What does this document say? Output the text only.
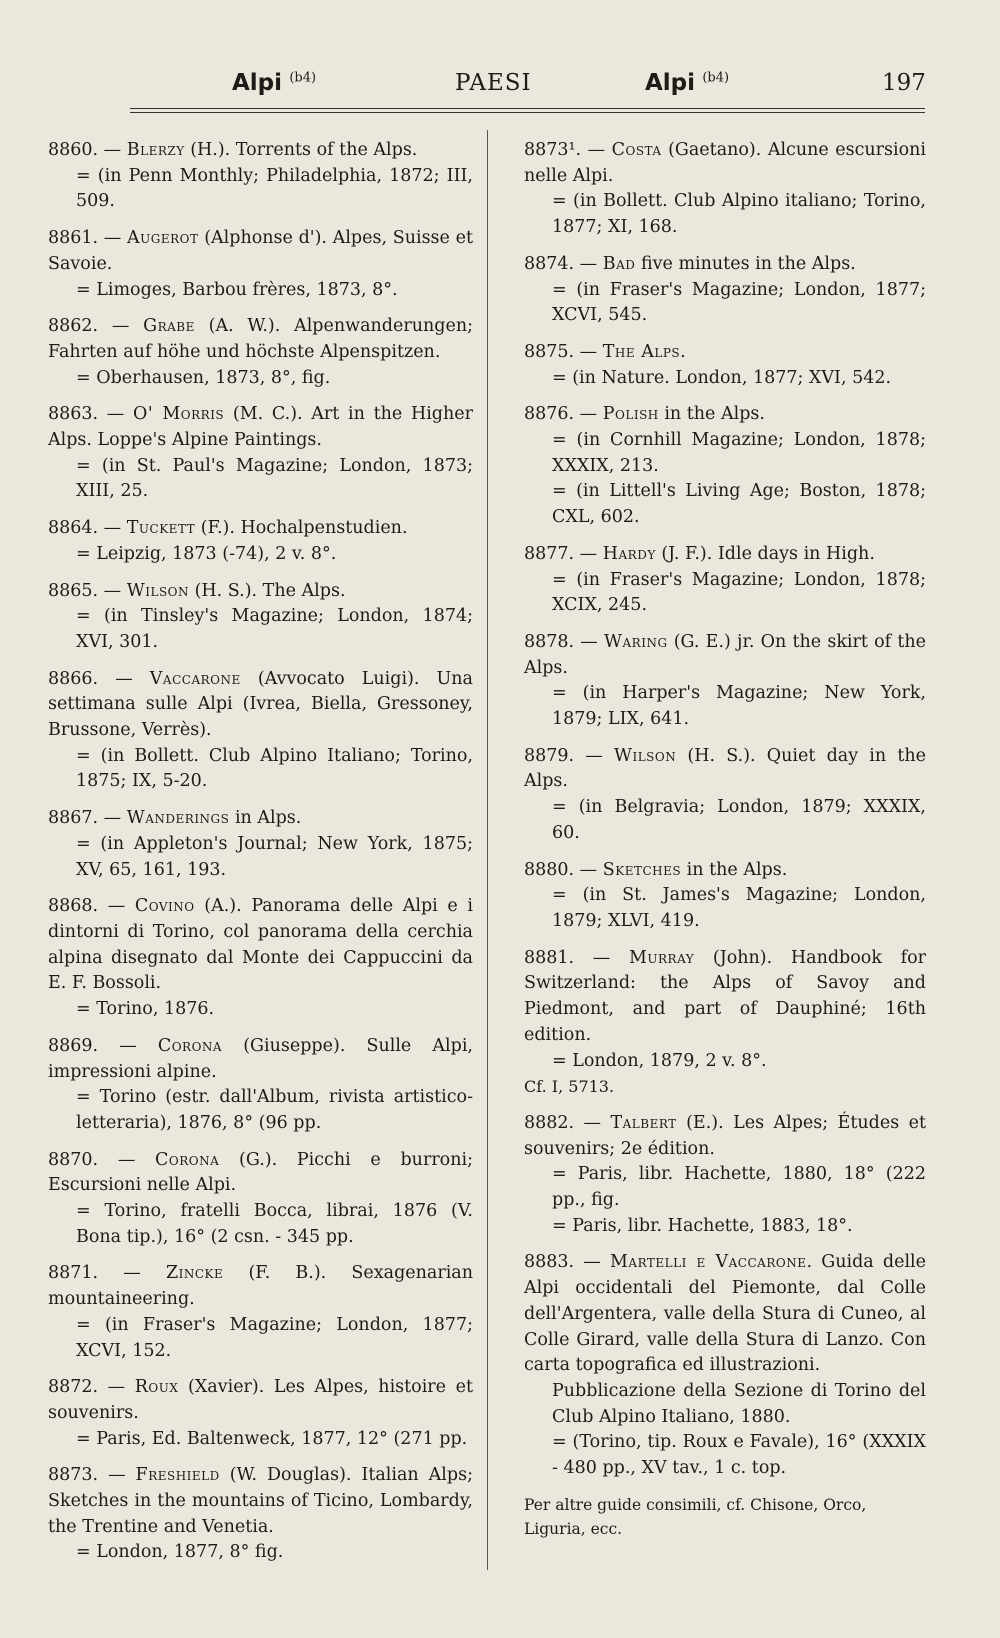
Alpi $^{(b4)}$	PAESI	Alpi $^{(b4)}$	197

8860. — Blerzy (H.). Torrents of the Alps.

= (in Penn Monthly; Philadelphia, 1872; III, 509.

8861. — Augerot (Alphonse d'). Alpes, Suisse et Savoie.

= Limoges, Barbou frères, 1873, 8°.

8862. — Grabe (A. W.). Alpenwanderungen; Fahrten auf höhe und höchste Alpenspitzen.

= Oberhausen, 1873, 8°, fig.

8863. — O' Morris (M. C.). Art in the Higher Alps. Loppe's Alpine Paintings.

= (in St. Paul's Magazine; London, 1873; XIII, 25.

8864. — Tuckett (F.). Hochalpenstudien.

= Leipzig, 1873 (-74), 2 v. 8°.

8865. — Wilson (H. S.). The Alps.

= (in Tinsley's Magazine; London, 1874; XVI, 301.

8866. — Vaccarone (Avvocato Luigi). Una settimana sulle Alpi (Ivrea, Biella, Gressoney, Brussone, Verrès).

= (in Bollett. Club Alpino Italiano; Torino, 1875; IX, 5-20.

8867. — Wanderings in Alps.

= (in Appleton's Journal; New York, 1875; XV, 65, 161, 193.

8868. — Covino (A.). Panorama delle Alpi e i dintorni di Torino, col panorama della cerchia alpina disegnato dal Monte dei Cappuccini da E. F. Bossoli.

= Torino, 1876.

8869. — Corona (Giuseppe). Sulle Alpi, impressioni alpine.

= Torino (estr. dall'Album, rivista artistico-letteraria), 1876, 8° (96 pp.

8870. — Corona (G.). Picchi e burroni; Escursioni nelle Alpi.

= Torino, fratelli Bocca, librai, 1876 (V. Bona tip.), 16° (2 csn. - 345 pp.

8871. — Zincke (F. B.). Sexagenarian mountaineering.

= (in Fraser's Magazine; London, 1877; XCVI, 152.

8872. — Roux (Xavier). Les Alpes, histoire et souvenirs.

= Paris, Ed. Baltenweck, 1877, 12° (271 pp.

8873. — Freshield (W. Douglas). Italian Alps; Sketches in the mountains of Ticino, Lombardy, the Trentine and Venetia.

= London, 1877, 8° fig.

8873¹. — Costa (Gaetano). Alcune escursioni nelle Alpi.

= (in Bollett. Club Alpino italiano; Torino, 1877; XI, 168.

8874. — Bad five minutes in the Alps.

= (in Fraser's Magazine; London, 1877; XCVI, 545.

8875. — The Alps.

= (in Nature. London, 1877; XVI, 542.

8876. — Polish in the Alps.

= (in Cornhill Magazine; London, 1878; XXXIX, 213.

= (in Littell's Living Age; Boston, 1878; CXL, 602.

8877. — Hardy (J. F.). Idle days in High.

= (in Fraser's Magazine; London, 1878; XCIX, 245.

8878. — Waring (G. E.) jr. On the skirt of the Alps.

= (in Harper's Magazine; New York, 1879; LIX, 641.

8879. — Wilson (H. S.). Quiet day in the Alps.

= (in Belgravia; London, 1879; XXXIX, 60.

8880. — Sketches in the Alps.

= (in St. James's Magazine; London, 1879; XLVI, 419.

8881. — Murray (John). Handbook for Switzerland: the Alps of Savoy and Piedmont, and part of Dauphiné; 16th edition.

= London, 1879, 2 v. 8°.

Cf. I, 5713.

8882. — Talbert (E.). Les Alpes; Études et souvenirs; 2e édition.

= Paris, libr. Hachette, 1880, 18° (222 pp., fig.

= Paris, libr. Hachette, 1883, 18°.

8883. — Martelli e Vaccarone. Guida delle Alpi occidentali del Piemonte, dal Colle dell'Argentera, valle della Stura di Cuneo, al Colle Girard, valle della Stura di Lanzo. Con carta topografica ed illustrazioni.

Pubblicazione della Sezione di Torino del Club Alpino Italiano, 1880.

= (Torino, tip. Roux e Favale), 16° (XXXIX - 480 pp., XV tav., 1 c. top.

Per altre guide consimili, cf. Chisone, Orco, Liguria, ecc.
